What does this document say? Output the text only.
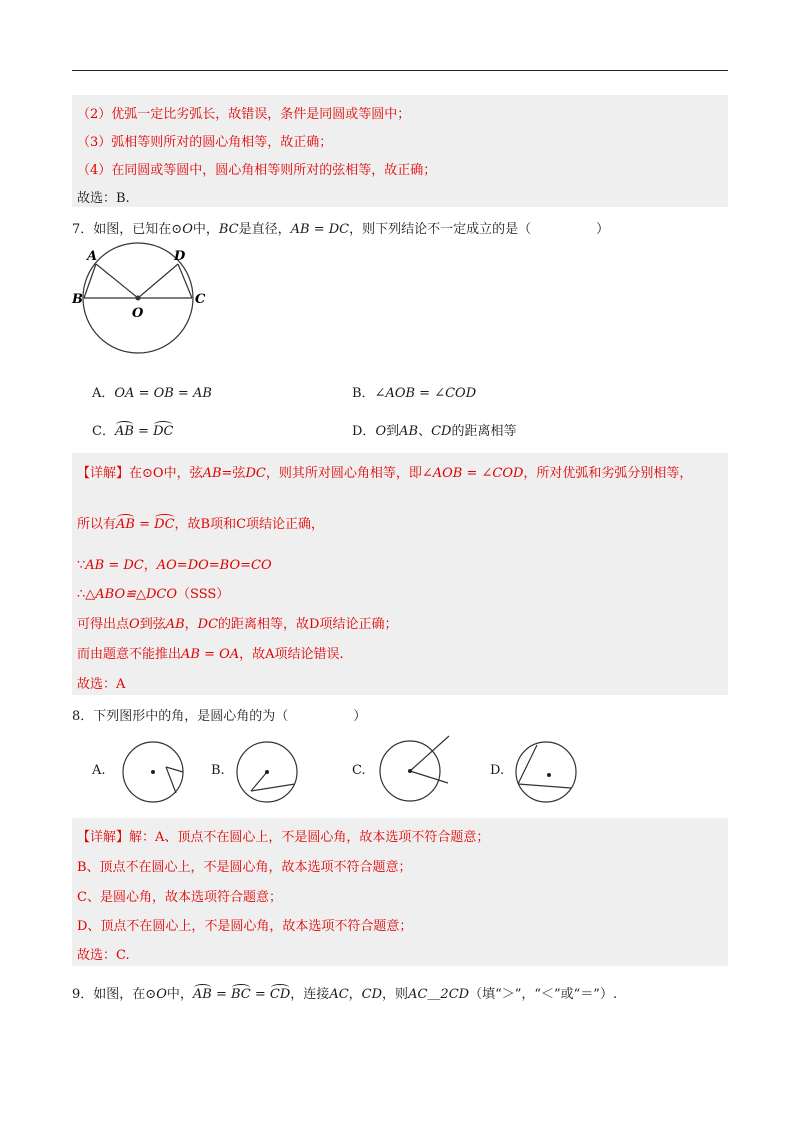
（2）优弧一定比劣弧长，故错误，条件是同圆或等圆中；
（3）弧相等则所对的圆心角相等，故正确；
（4）在同圆或等圆中，圆心角相等则所对的弦相等，故正确；
故选：B.
7．如图，已知在⊙O中，BC是直径，AB = DC，则下列结论不一定成立的是（　　　　　）
A	D
B	C
O
A．OA = OB = AB	B．∠AOB = ∠COD
C．AB = DC	D．O到AB、CD的距离相等
【详解】在⊙O中，弦AB=弦DC，则其所对圆心角相等，即∠AOB = ∠COD，所对优弧和劣弧分别相等，
所以有AB = DC，故B项和C项结论正确，
∵AB = DC，AO=DO=BO=CO
∴△ABO≌△DCO（SSS）
可得出点O到弦AB，DC的距离相等，故D项结论正确；
而由题意不能推出AB = OA，故A项结论错误.
故选：A
8．下列图形中的角，是圆心角的为（　　　　　）
A.	B.	C.	D.
【详解】解：A、顶点不在圆心上，不是圆心角，故本选项不符合题意；
B、顶点不在圆心上，不是圆心角，故本选项不符合题意；
C、是圆心角，故本选项符合题意；
D、顶点不在圆心上，不是圆心角，故本选项不符合题意；
故选：C.
9．如图，在⊙O中，AB = BC = CD，连接AC，CD，则AC＿2CD（填“＞”，“＜”或“＝”）.
